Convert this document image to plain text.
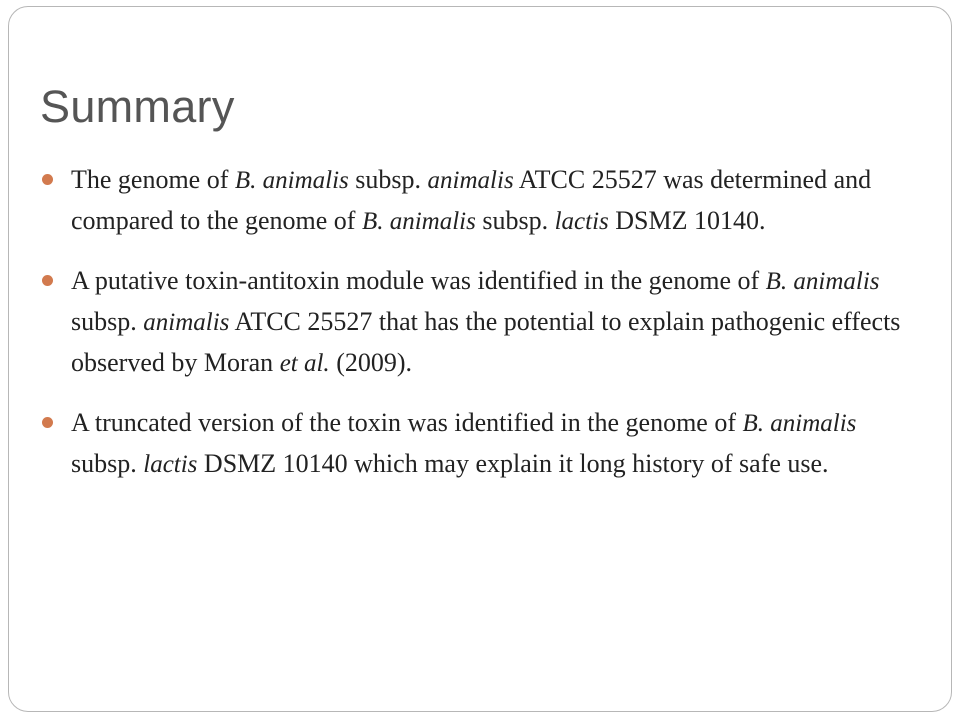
Summary
The genome of B. animalis subsp. animalis ATCC 25527 was determined and compared to the genome of B. animalis subsp. lactis DSMZ 10140.
A putative toxin-antitoxin module was identified in the genome of B. animalis subsp. animalis ATCC 25527 that has the potential to explain pathogenic effects observed by Moran et al. (2009).
A truncated version of the toxin was identified in the genome of B. animalis subsp. lactis DSMZ 10140 which may explain it long history of safe use.
